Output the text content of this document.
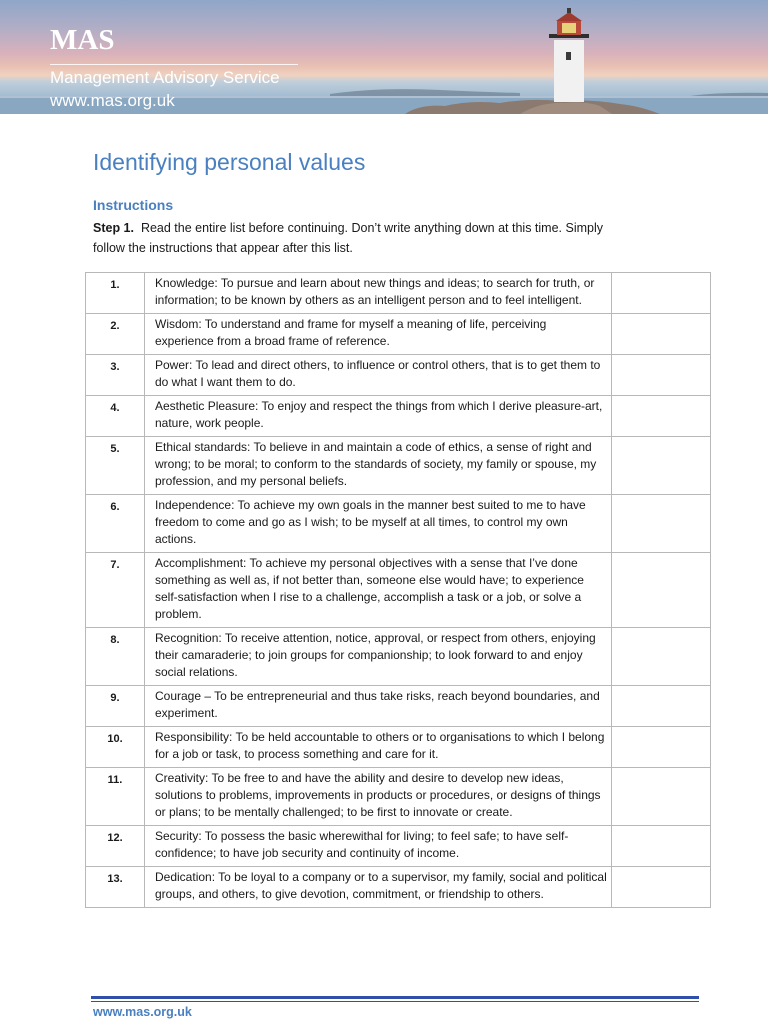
MAS
Management Advisory Service
www.mas.org.uk
Identifying personal values
Instructions

Step 1. Read the entire list before continuing. Don’t write anything down at this time. Simply follow the instructions that appear after this list.

1.	Knowledge: To pursue and learn about new things and ideas; to search for truth, or information; to be known by others as an intelligent person and to feel intelligent.	
2.	Wisdom: To understand and frame for myself a meaning of life, perceiving experience from a broad frame of reference.	
3.	Power: To lead and direct others, to influence or control others, that is to get them to do what I want them to do.	
4.	Aesthetic Pleasure: To enjoy and respect the things from which I derive pleasure-art, nature, work people.	
5.	Ethical standards: To believe in and maintain a code of ethics, a sense of right and wrong; to be moral; to conform to the standards of society, my family or spouse, my profession, and my personal beliefs.	
6.	Independence: To achieve my own goals in the manner best suited to me to have freedom to come and go as I wish; to be myself at all times, to control my own actions.	
7.	Accomplishment: To achieve my personal objectives with a sense that I’ve done something as well as, if not better than, someone else would have; to experience self-satisfaction when I rise to a challenge, accomplish a task or a job, or solve a problem.	
8.	Recognition: To receive attention, notice, approval, or respect from others, enjoying their camaraderie; to join groups for companionship; to look forward to and enjoy social relations.	
9.	Courage – To be entrepreneurial and thus take risks, reach beyond boundaries, and experiment.	
10.	Responsibility: To be held accountable to others or to organisations to which I belong for a job or task, to process something and care for it.	
11.	Creativity: To be free to and have the ability and desire to develop new ideas, solutions to problems, improvements in products or procedures, or designs of things or plans; to be mentally challenged; to be first to innovate or create.	
12.	Security: To possess the basic wherewithal for living; to feel safe; to have self-confidence; to have job security and continuity of income.	
13.	Dedication: To be loyal to a company or to a supervisor, my family, social and political groups, and others, to give devotion, commitment, or friendship to others.	
www.mas.org.uk
